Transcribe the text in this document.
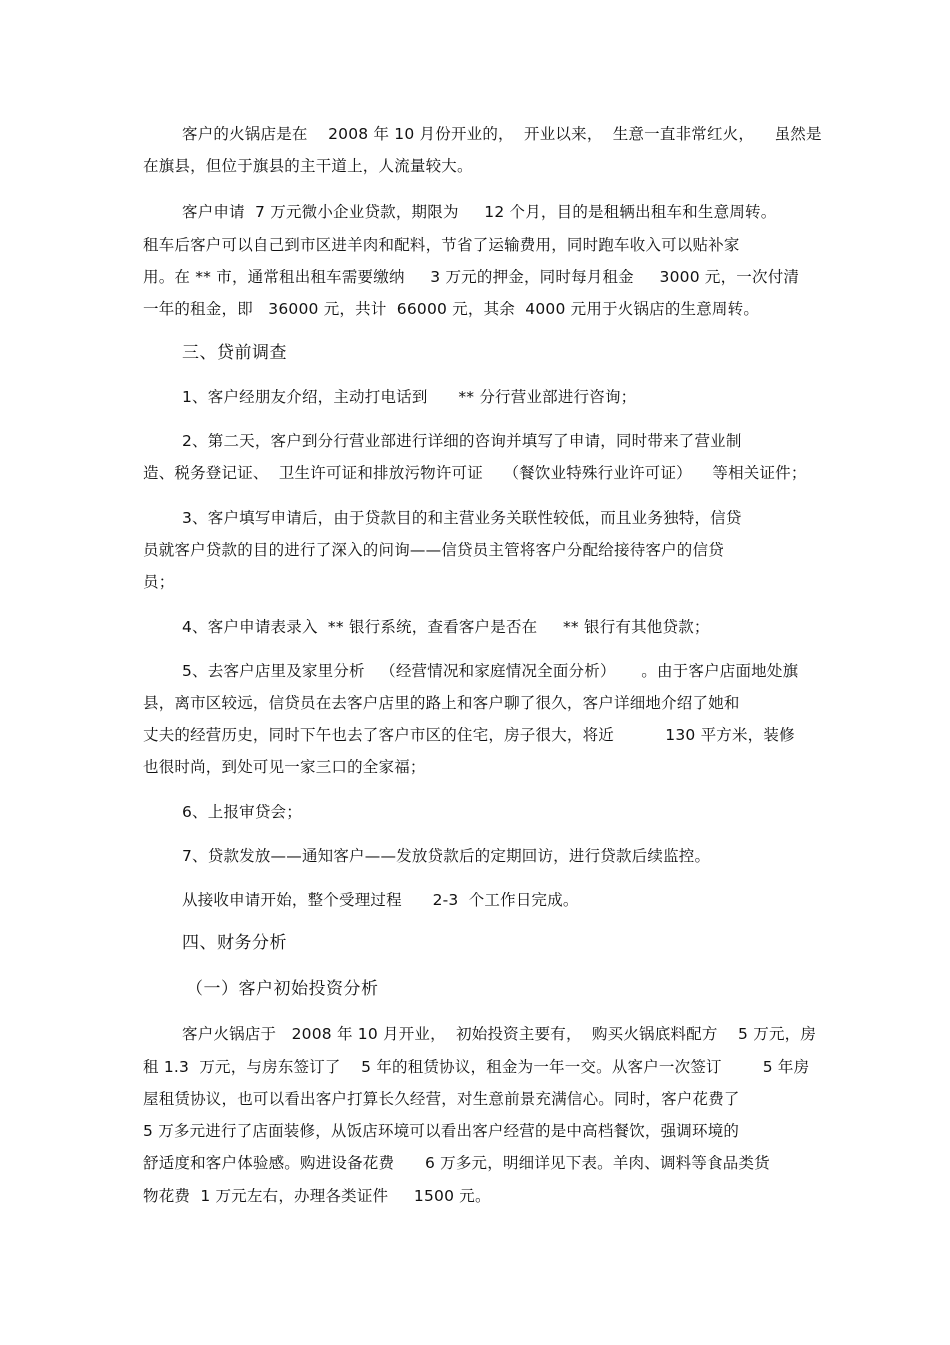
客户的火锅店是在    2008 年 10 月份开业的，  开业以来，  生意一直非常红火，    虽然是
在旗县，但位于旗县的主干道上，人流量较大。
客户申请  7 万元微小企业贷款，期限为     12 个月，目的是租辆出租车和生意周转。
租车后客户可以自己到市区进羊肉和配料，节省了运输费用，同时跑车收入可以贴补家
用。在 ** 市，通常租出租车需要缴纳     3 万元的押金，同时每月租金     3000 元，一次付清
一年的租金，即   36000 元，共计  66000 元，其余  4000 元用于火锅店的生意周转。
三、贷前调查
1、客户经朋友介绍，主动打电话到      ** 分行营业部进行咨询；
2、第二天，客户到分行营业部进行详细的咨询并填写了申请，同时带来了营业制
造、税务登记证、  卫生许可证和排放污物许可证    （餐饮业特殊行业许可证）    等相关证件；
3、客户填写申请后，由于贷款目的和主营业务关联性较低，而且业务独特，信贷
员就客户贷款的目的进行了深入的问询——信贷员主管将客户分配给接待客户的信贷
员；
4、客户申请表录入  ** 银行系统，查看客户是否在     ** 银行有其他贷款；
5、去客户店里及家里分析   （经营情况和家庭情况全面分析）     。由于客户店面地处旗
县，离市区较远，信贷员在去客户店里的路上和客户聊了很久，客户详细地介绍了她和
丈夫的经营历史，同时下午也去了客户市区的住宅，房子很大，将近          130 平方米，装修
也很时尚，到处可见一家三口的全家福；
6、上报审贷会；
7、贷款发放——通知客户——发放贷款后的定期回访，进行贷款后续监控。
从接收申请开始，整个受理过程      2-3  个工作日完成。
四、财务分析
（一）客户初始投资分析
客户火锅店于   2008 年 10 月开业，  初始投资主要有，  购买火锅底料配方    5 万元，房
租 1.3  万元，与房东签订了    5 年的租赁协议，租金为一年一交。从客户一次签订        5 年房
屋租赁协议，也可以看出客户打算长久经营，对生意前景充满信心。同时，客户花费了
5 万多元进行了店面装修，从饭店环境可以看出客户经营的是中高档餐饮，强调环境的
舒适度和客户体验感。购进设备花费      6 万多元，明细详见下表。羊肉、调料等食品类货
物花费  1 万元左右，办理各类证件     1500 元。
